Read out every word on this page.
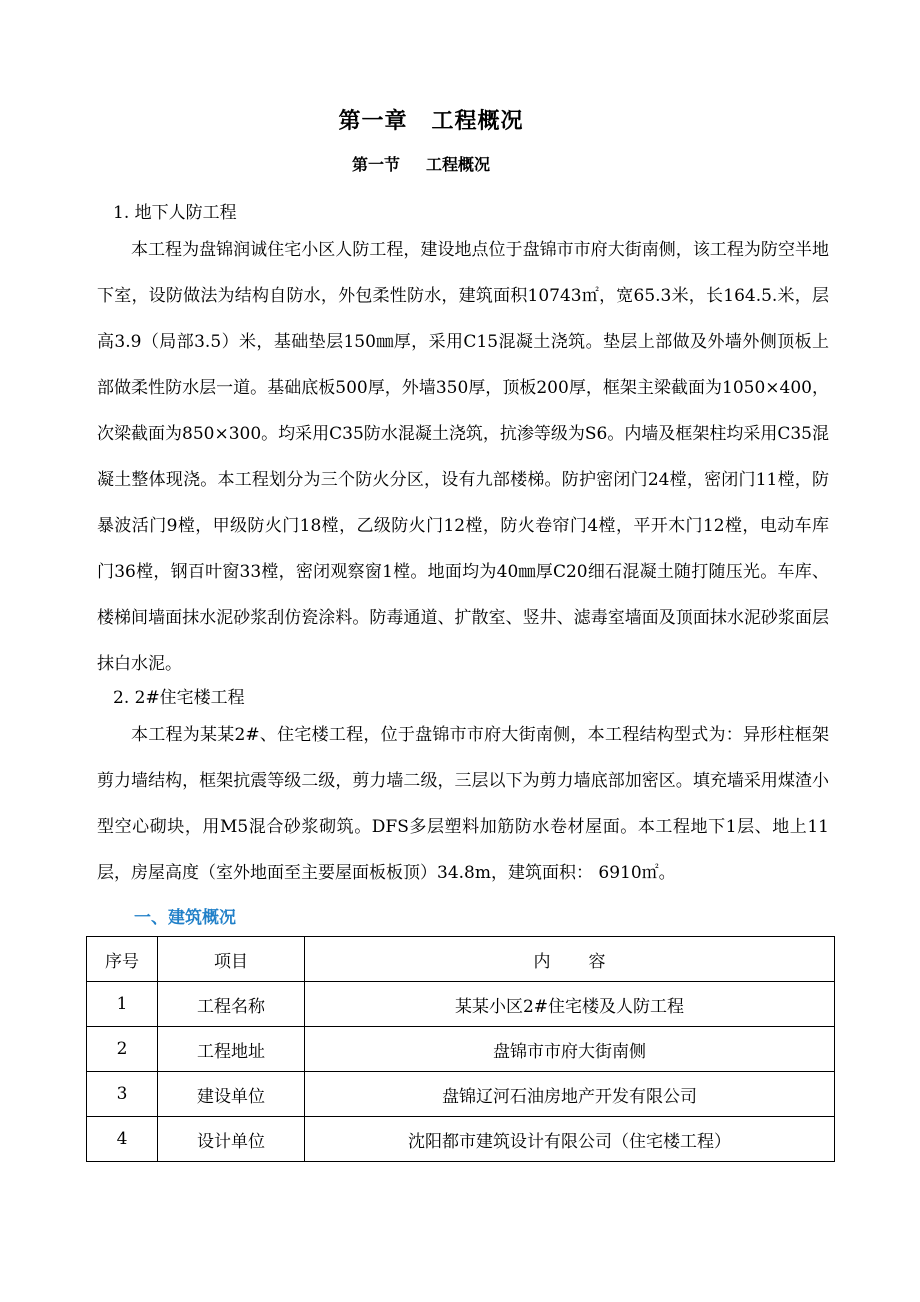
第一章 工程概况
第一节 工程概况
1. 地下人防工程

本工程为盘锦润诚住宅小区人防工程，建设地点位于盘锦市市府大街南侧，该工程为防空半地下室，设防做法为结构自防水，外包柔性防水，建筑面积10743㎡，宽65.3米，长164.5.米，层高3.9（局部3.5）米，基础垫层150㎜厚，采用C15混凝土浇筑。垫层上部做及外墙外侧顶板上部做柔性防水层一道。基础底板500厚，外墙350厚，顶板200厚，框架主梁截面为1050×400，次梁截面为850×300。均采用C35防水混凝土浇筑，抗渗等级为S6。内墙及框架柱均采用C35混凝土整体现浇。本工程划分为三个防火分区，设有九部楼梯。防护密闭门24樘，密闭门11樘，防暴波活门9樘，甲级防火门18樘，乙级防火门12樘，防火卷帘门4樘，平开木门12樘，电动车库门36樘，钢百叶窗33樘，密闭观察窗1樘。地面均为40㎜厚C20细石混凝土随打随压光。车库、楼梯间墙面抹水泥砂浆刮仿瓷涂料。防毒通道、扩散室、竖井、滤毒室墙面及顶面抹水泥砂浆面层抹白水泥。

2. 2#住宅楼工程

本工程为某某2#、住宅楼工程，位于盘锦市市府大街南侧，本工程结构型式为：异形柱框架剪力墙结构，框架抗震等级二级，剪力墙二级，三层以下为剪力墙底部加密区。填充墙采用煤渣小型空心砌块，用M5混合砂浆砌筑。DFS多层塑料加筋防水卷材屋面。本工程地下1层、地上11层，房屋高度（室外地面至主要屋面板板顶）34.8m，建筑面积： 6910㎡。

一、建筑概况
序号	项目	内 容
1	工程名称	某某小区2#住宅楼及人防工程
2	工程地址	盘锦市市府大街南侧
3	建设单位	盘锦辽河石油房地产开发有限公司
4	设计单位	沈阳都市建筑设计有限公司（住宅楼工程）
